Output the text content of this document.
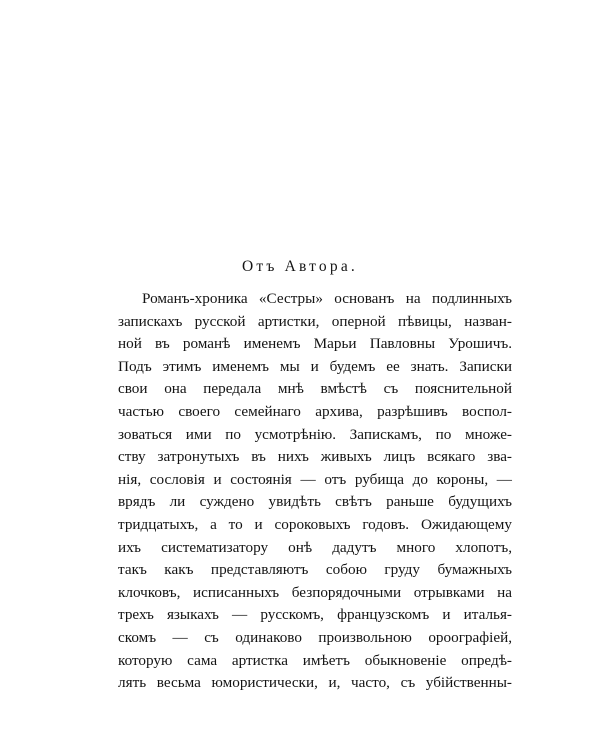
Отъ Автора.
Романъ-хроника «Сестры» основанъ на подлинныхъ
запискахъ русской артистки, оперной пѣвицы, назван-
ной въ романѣ именемъ Марьи Павловны Урошичъ.
Подъ этимъ именемъ мы и будемъ ее знать. Записки
свои она передала мнѣ вмѣстѣ съ пояснительной
частью своего семейнаго архива, разрѣшивъ воспол-
зоваться ими по усмотрѣнію. Запискамъ, по множе-
ству затронутыхъ въ нихъ живыхъ лицъ всякаго зва-
нія, сословія и состоянія — отъ рубища до короны, —
врядъ ли суждено увидѣть свѣтъ раньше будущихъ
тридцатыхъ, а то и сороковыхъ годовъ. Ожидающему
ихъ систематизатору онѣ дадутъ много хлопотъ,
такъ какъ представляютъ собою груду бумажныхъ
клочковъ, исписанныхъ безпорядочными отрывками на
трехъ языкахъ — русскомъ, французскомъ и италья-
скомъ — съ одинаково произвольною ороографіей,
которую сама артистка имѣетъ обыкновеніе опредѣ-
лять весьма юмористически, и, часто, съ убійственны-
